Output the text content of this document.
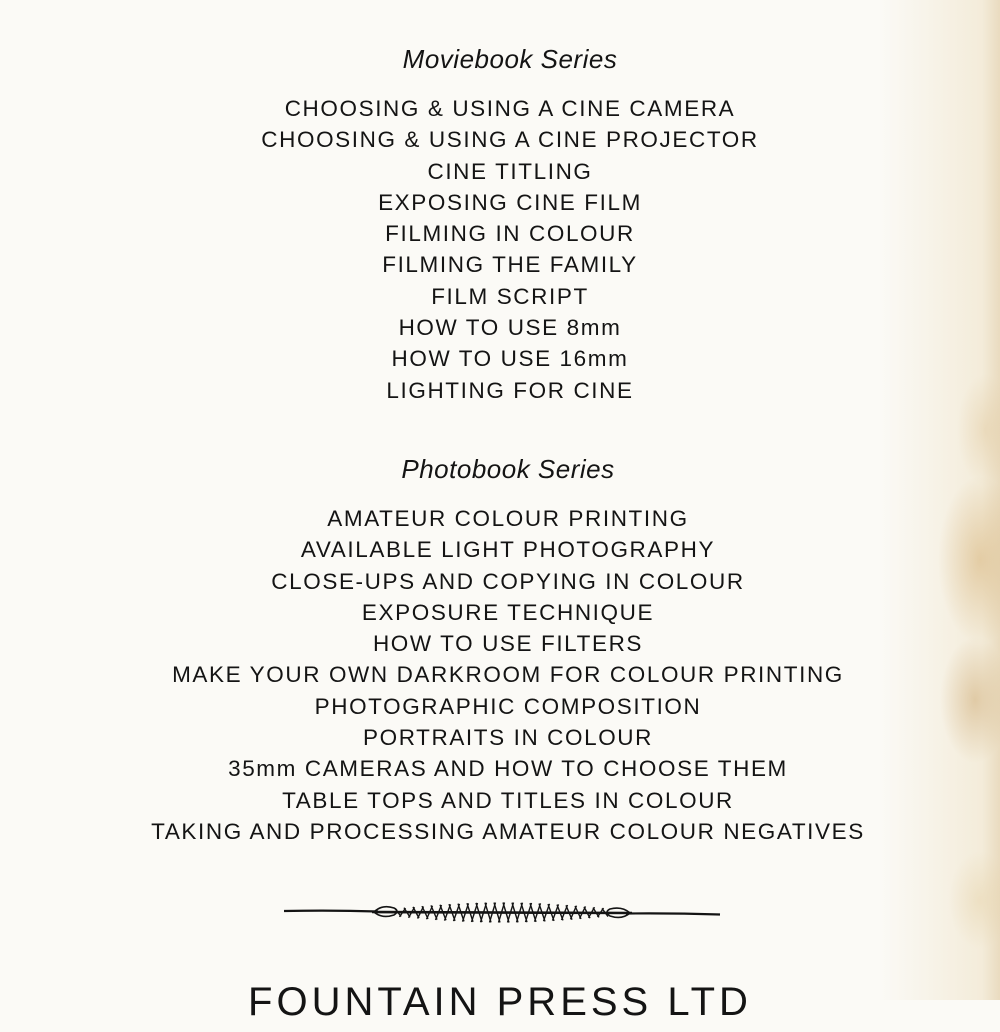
Moviebook Series
CHOOSING & USING A CINE CAMERA
CHOOSING & USING A CINE PROJECTOR
CINE TITLING
EXPOSING CINE FILM
FILMING IN COLOUR
FILMING THE FAMILY
FILM SCRIPT
HOW TO USE 8mm
HOW TO USE 16mm
LIGHTING FOR CINE
Photobook Series
AMATEUR COLOUR PRINTING
AVAILABLE LIGHT PHOTOGRAPHY
CLOSE-UPS AND COPYING IN COLOUR
EXPOSURE TECHNIQUE
HOW TO USE FILTERS
MAKE YOUR OWN DARKROOM FOR COLOUR PRINTING
PHOTOGRAPHIC COMPOSITION
PORTRAITS IN COLOUR
35mm CAMERAS AND HOW TO CHOOSE THEM
TABLE TOPS AND TITLES IN COLOUR
TAKING AND PROCESSING AMATEUR COLOUR NEGATIVES
FOUNTAIN PRESS LTD
